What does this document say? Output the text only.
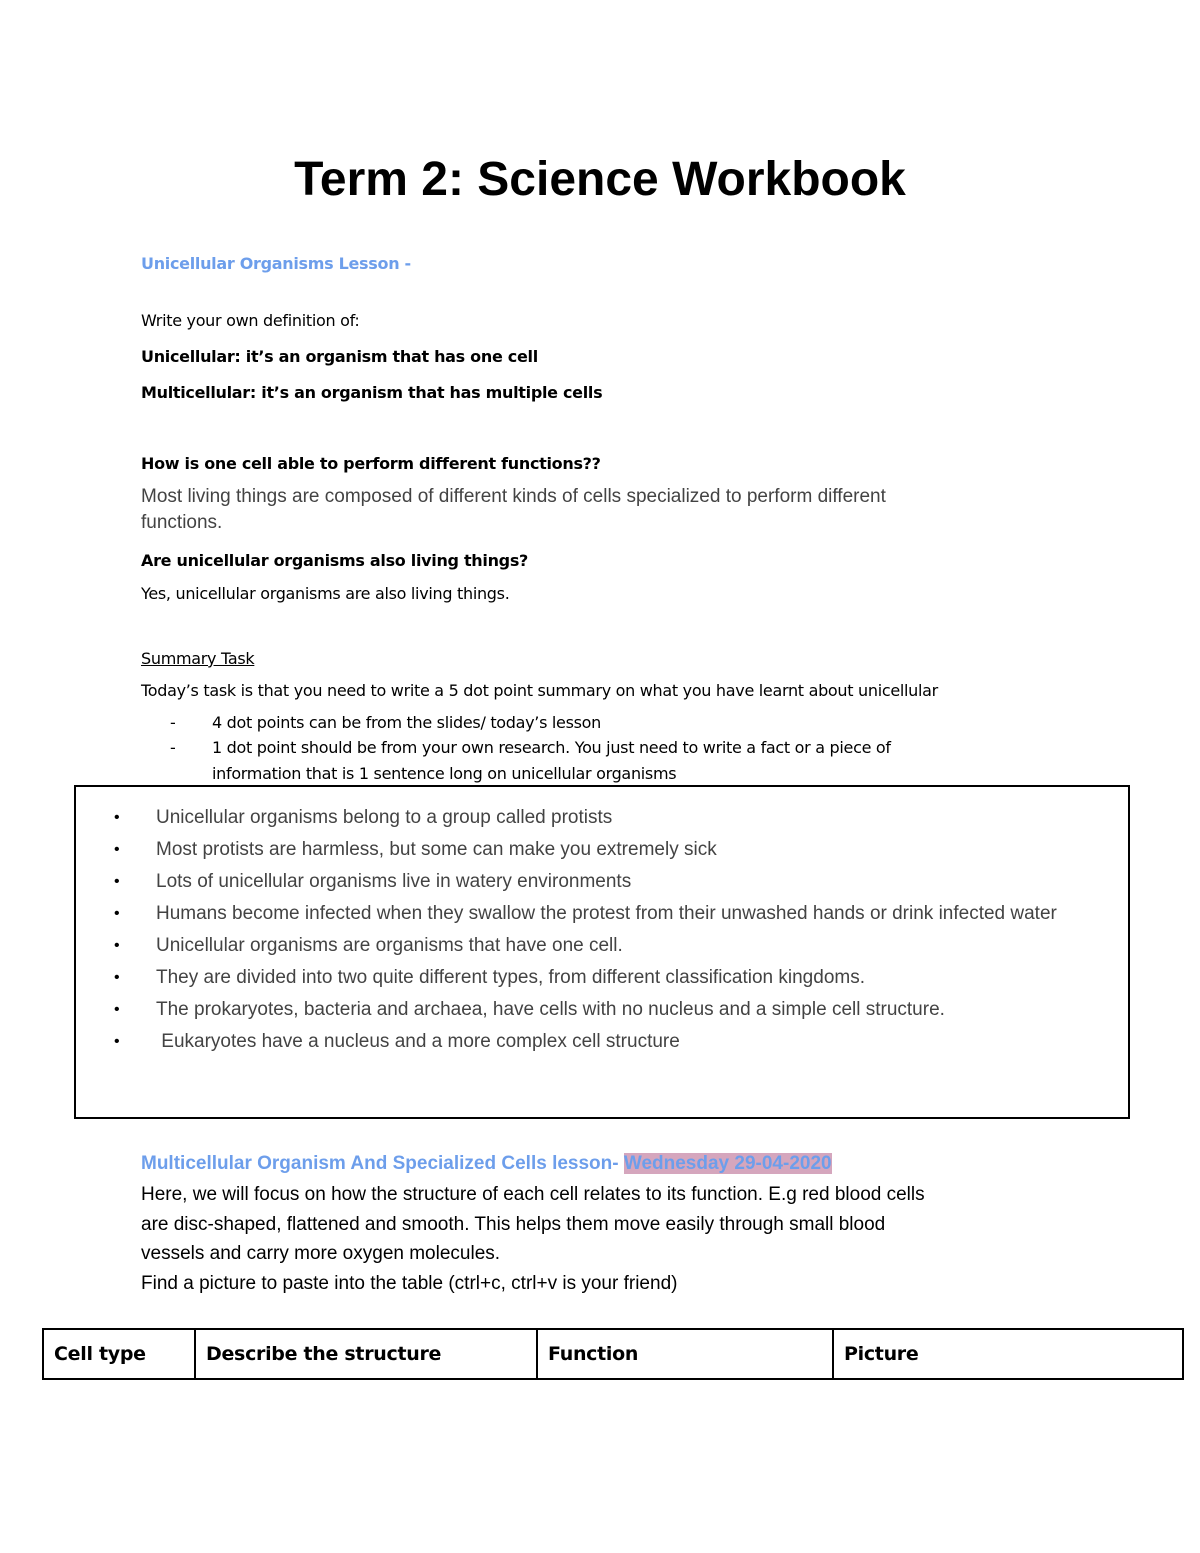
Term 2: Science Workbook
Unicellular Organisms Lesson -
Write your own definition of:
Unicellular: it’s an organism that has one cell
Multicellular: it’s an organism that has multiple cells
How is one cell able to perform different functions??
Most living things are composed of different kinds of cells specialized to perform different
functions.
Are unicellular organisms also living things?
Yes, unicellular organisms are also living things.
Summary Task
Today’s task is that you need to write a 5 dot point summary on what you have learnt about unicellular
- 4 dot points can be from the slides/ today’s lesson
- 1 dot point should be from your own research. You just need to write a fact or a piece of
information that is 1 sentence long on unicellular organisms
• Unicellular organisms belong to a group called protists
• Most protists are harmless, but some can make you extremely sick
• Lots of unicellular organisms live in watery environments
• Humans become infected when they swallow the protest from their unwashed hands or drink infected water
• Unicellular organisms are organisms that have one cell.
• They are divided into two quite different types, from different classification kingdoms.
• The prokaryotes, bacteria and archaea, have cells with no nucleus and a simple cell structure.
• Eukaryotes have a nucleus and a more complex cell structure
Multicellular Organism And Specialized Cells lesson- Wednesday 29-04-2020
Here, we will focus on how the structure of each cell relates to its function. E.g red blood cells
are disc-shaped, flattened and smooth. This helps them move easily through small blood
vessels and carry more oxygen molecules.
Find a picture to paste into the table (ctrl+c, ctrl+v is your friend)
Cell type	Describe the structure	Function	Picture
